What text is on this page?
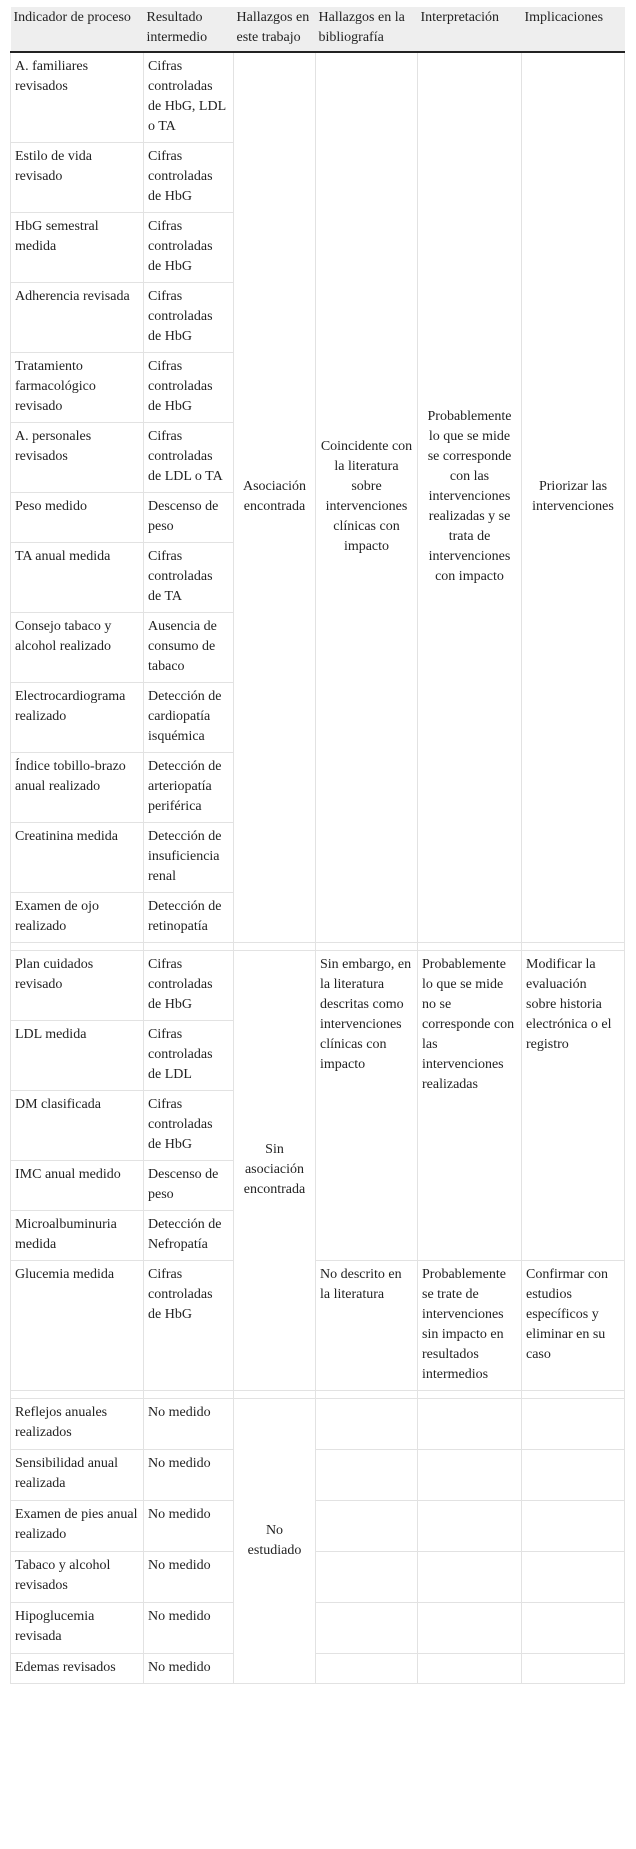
Indicador de proceso	Resultado intermedio	Hallazgos en este trabajo	Hallazgos en la bibliografía	Interpretación	Implicaciones
A. familiares revisados	Cifras controladas de HbG, LDL o TA	Asociación encontrada	Coincidente con la literatura sobre intervenciones clínicas con impacto	Probablemente lo que se mide se corresponde con las intervenciones realizadas y se trata de intervenciones con impacto	Priorizar las intervenciones
Estilo de vida revisado	Cifras controladas de HbG				
HbG semestral medida	Cifras controladas de HbG				
Adherencia revisada	Cifras controladas de HbG				
Tratamiento farmacológico revisado	Cifras controladas de HbG				
A. personales revisados	Cifras controladas de LDL o TA				
Peso medido	Descenso de peso				
TA anual medida	Cifras controladas de TA				
Consejo tabaco y alcohol realizado	Ausencia de consumo de tabaco				
Electrocardiograma realizado	Detección de cardiopatía isquémica				
Índice tobillo-brazo anual realizado	Detección de arteriopatía periférica				
Creatinina medida	Detección de insuficiencia renal				
Examen de ojo realizado	Detección de retinopatía				

Plan cuidados revisado	Cifras controladas de HbG	Sin asociación encontrada	Sin embargo, en la literatura descritas como intervenciones clínicas con impacto	Probablemente lo que se mide no se corresponde con las intervenciones realizadas	Modificar la evaluación sobre historia electrónica o el registro
LDL medida	Cifras controladas de LDL				
DM clasificada	Cifras controladas de HbG				
IMC anual medido	Descenso de peso				
Microalbuminuria medida	Detección de Nefropatía				
Glucemia medida	Cifras controladas de HbG		No descrito en la literatura	Probablemente se trate de intervenciones sin impacto en resultados intermedios	Confirmar con estudios específicos y eliminar en su caso

Reflejos anuales realizados	No medido	No estudiado			
Sensibilidad anual realizada	No medido				
Examen de pies anual realizado	No medido				
Tabaco y alcohol revisados	No medido				
Hipoglucemia revisada	No medido				
Edemas revisados	No medido				
